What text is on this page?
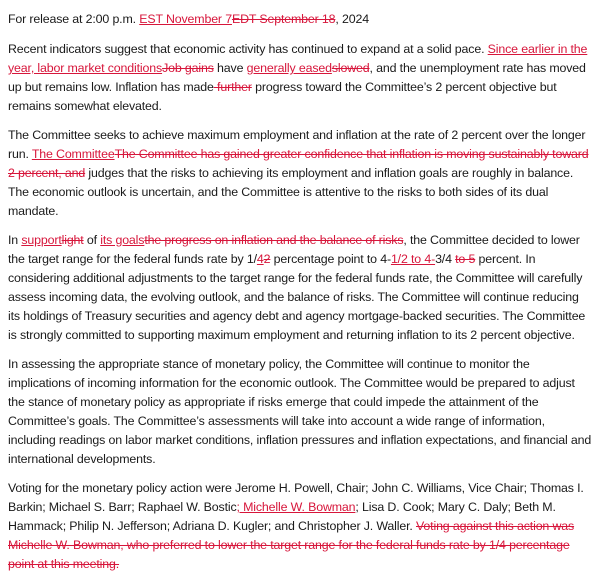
For release at 2:00 p.m. EST November 7EDT September 18, 2024

Recent indicators suggest that economic activity has continued to expand at a solid pace. Since earlier in the year, labor market conditionsJob gains have generally easedslowed, and the unemployment rate has moved up but remains low. Inflation has made further progress toward the Committee’s 2 percent objective but remains somewhat elevated.

The Committee seeks to achieve maximum employment and inflation at the rate of 2 percent over the longer run. The CommitteeThe Committee has gained greater confidence that inflation is moving sustainably toward 2 percent, and judges that the risks to achieving its employment and inflation goals are roughly in balance. The economic outlook is uncertain, and the Committee is attentive to the risks to both sides of its dual mandate.

In supportlight of its goalsthe progress on inflation and the balance of risks, the Committee decided to lower the target range for the federal funds rate by 1/42 percentage point to 4-1/2 to 4-3/4 to 5 percent. In considering additional adjustments to the target range for the federal funds rate, the Committee will carefully assess incoming data, the evolving outlook, and the balance of risks. The Committee will continue reducing its holdings of Treasury securities and agency debt and agency mortgage-backed securities. The Committee is strongly committed to supporting maximum employment and returning inflation to its 2 percent objective.

In assessing the appropriate stance of monetary policy, the Committee will continue to monitor the implications of incoming information for the economic outlook. The Committee would be prepared to adjust the stance of monetary policy as appropriate if risks emerge that could impede the attainment of the Committee’s goals. The Committee’s assessments will take into account a wide range of information, including readings on labor market conditions, inflation pressures and inflation expectations, and financial and international developments.

Voting for the monetary policy action were Jerome H. Powell, Chair; John C. Williams, Vice Chair; Thomas I. Barkin; Michael S. Barr; Raphael W. Bostic; Michelle W. Bowman; Lisa D. Cook; Mary C. Daly; Beth M. Hammack; Philip N. Jefferson; Adriana D. Kugler; and Christopher J. Waller. Voting against this action was Michelle W. Bowman, who preferred to lower the target range for the federal funds rate by 1/4 percentage point at this meeting.
